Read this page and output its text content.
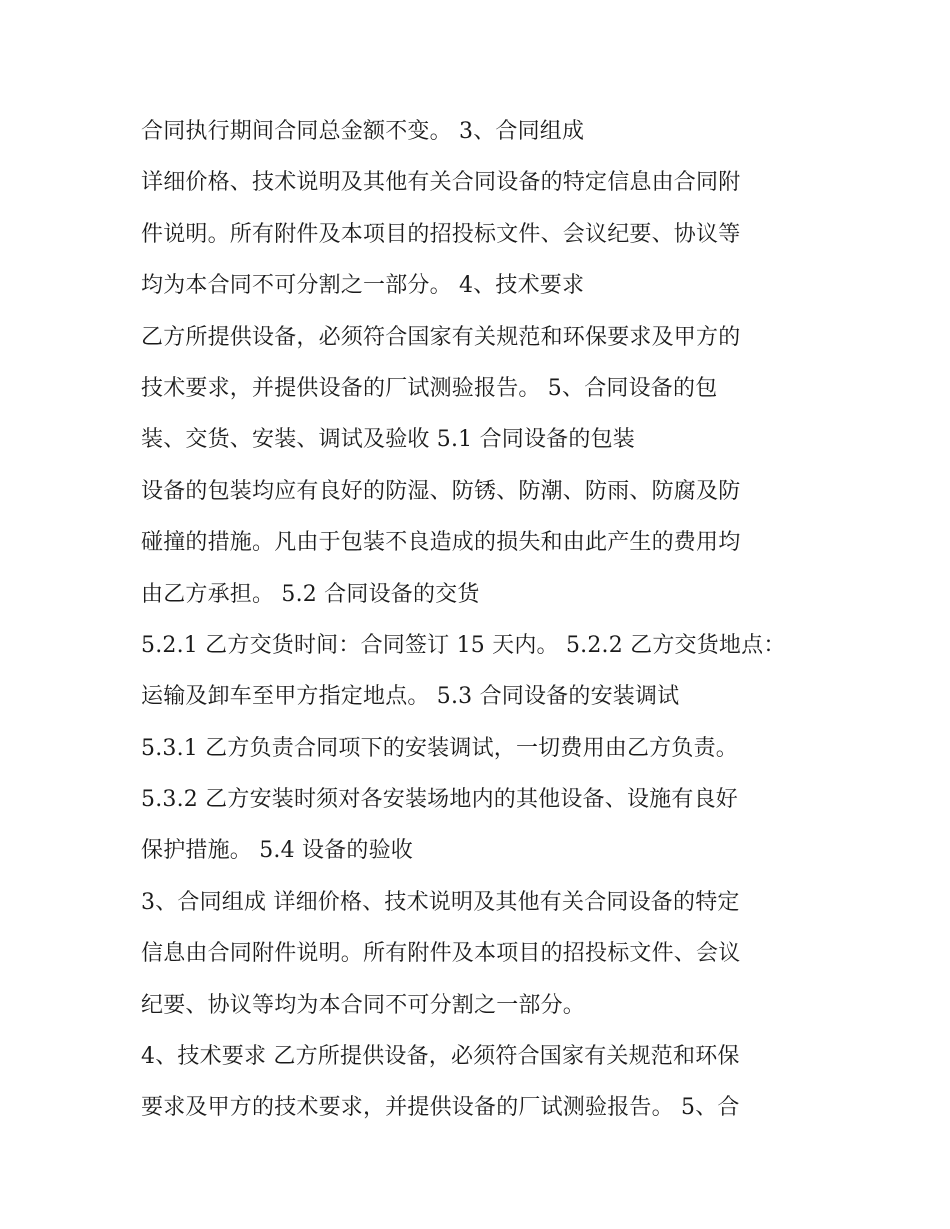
合同执行期间合同总金额不变。 3、合同组成
详细价格、技术说明及其他有关合同设备的特定信息由合同附
件说明。所有附件及本项目的招投标文件、会议纪要、协议等
均为本合同不可分割之一部分。 4、技术要求
乙方所提供设备，必须符合国家有关规范和环保要求及甲方的
技术要求，并提供设备的厂试测验报告。 5、合同设备的包
装、交货、安装、调试及验收 5.1 合同设备的包装
设备的包装均应有良好的防湿、防锈、防潮、防雨、防腐及防
碰撞的措施。凡由于包装不良造成的损失和由此产生的费用均
由乙方承担。 5.2 合同设备的交货
5.2.1 乙方交货时间：合同签订 15 天内。 5.2.2 乙方交货地点：
运输及卸车至甲方指定地点。 5.3 合同设备的安装调试
5.3.1 乙方负责合同项下的安装调试，一切费用由乙方负责。
5.3.2 乙方安装时须对各安装场地内的其他设备、设施有良好
保护措施。 5.4 设备的验收
3、合同组成 详细价格、技术说明及其他有关合同设备的特定
信息由合同附件说明。所有附件及本项目的招投标文件、会议
纪要、协议等均为本合同不可分割之一部分。
4、技术要求 乙方所提供设备，必须符合国家有关规范和环保
要求及甲方的技术要求，并提供设备的厂试测验报告。 5、合
